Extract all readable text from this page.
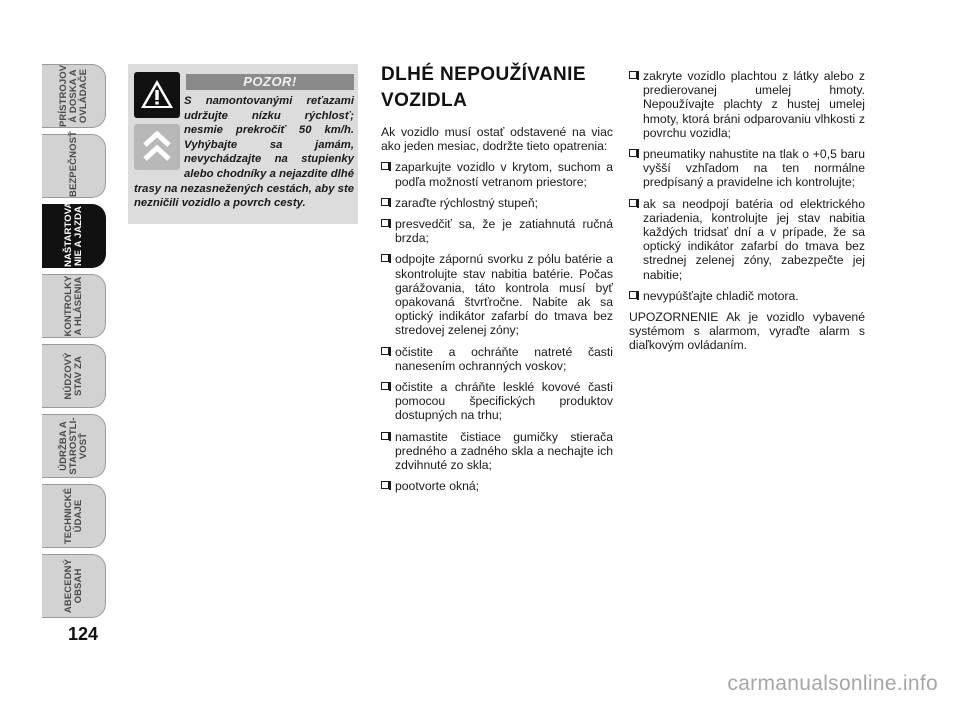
PRÍSTROJOV
Á DOSKA A
OVLÁDAČE
BEZPEČNOSŤ
NAŠTARTOVA-
NIE A JAZDA
KONTROLKY
A HLÁSENIA
NÚDZOVÝ
STAV ZA
ÚDRŽBA A
STAROSTLI-
VOSŤ
TECHNICKÉ
ÚDAJE
ABECEDNÝ
OBSAH
124
POZOR!

S namontovanými reťazami udržujte nízku rýchlosť; nesmie prekročiť 50 km/h. Vyhýbajte sa jamám, nevychádzajte na stupienky alebo chodníky a nejazdite dlhé trasy na nezasnežených cestách, aby ste nezničili vozidlo a povrch cesty.

DLHÉ NEPOUŽÍVANIE VOZIDLA

Ak vozidlo musí ostať odstavené na viac ako jeden mesiac, dodržte tieto opatrenia:

zaparkujte vozidlo v krytom, suchom a podľa možností vetranom priestore;
zaraďte rýchlostný stupeň;
presvedčiť sa, že je zatiahnutá ručná brzda;
odpojte zápornú svorku z pólu batérie a skontrolujte stav nabitia batérie. Počas garážovania, táto kontrola musí byť opakovaná štvrťročne. Nabite ak sa optický indikátor zafarbí do tmava bez stredovej zelenej zóny;
očistite a ochráňte natreté časti nanesením ochranných voskov;
očistite a chráňte lesklé kovové časti pomocou špecifických produktov dostupných na trhu;
namastite čistiace gumičky stierača predného a zadného skla a nechajte ich zdvihnuté zo skla;
pootvorte okná;
zakryte vozidlo plachtou z látky alebo z predierovanej umelej hmoty. Nepoužívajte plachty z hustej umelej hmoty, ktorá bráni odparovaniu vlhkosti z povrchu vozidla;
pneumatiky nahustite na tlak o +0,5 baru vyšší vzhľadom na ten normálne predpísaný a pravidelne ich kontrolujte;
ak sa neodpojí batéria od elektrického zariadenia, kontrolujte jej stav nabitia každých tridsať dní a v prípade, že sa optický indikátor zafarbí do tmava bez strednej zelenej zóny, zabezpečte jej nabitie;
nevypúšťajte chladič motora.

UPOZORNENIE Ak je vozidlo vybavené systémom s alarmom, vyraďte alarm s diaľkovým ovládaním.

carmanualsonline.info
